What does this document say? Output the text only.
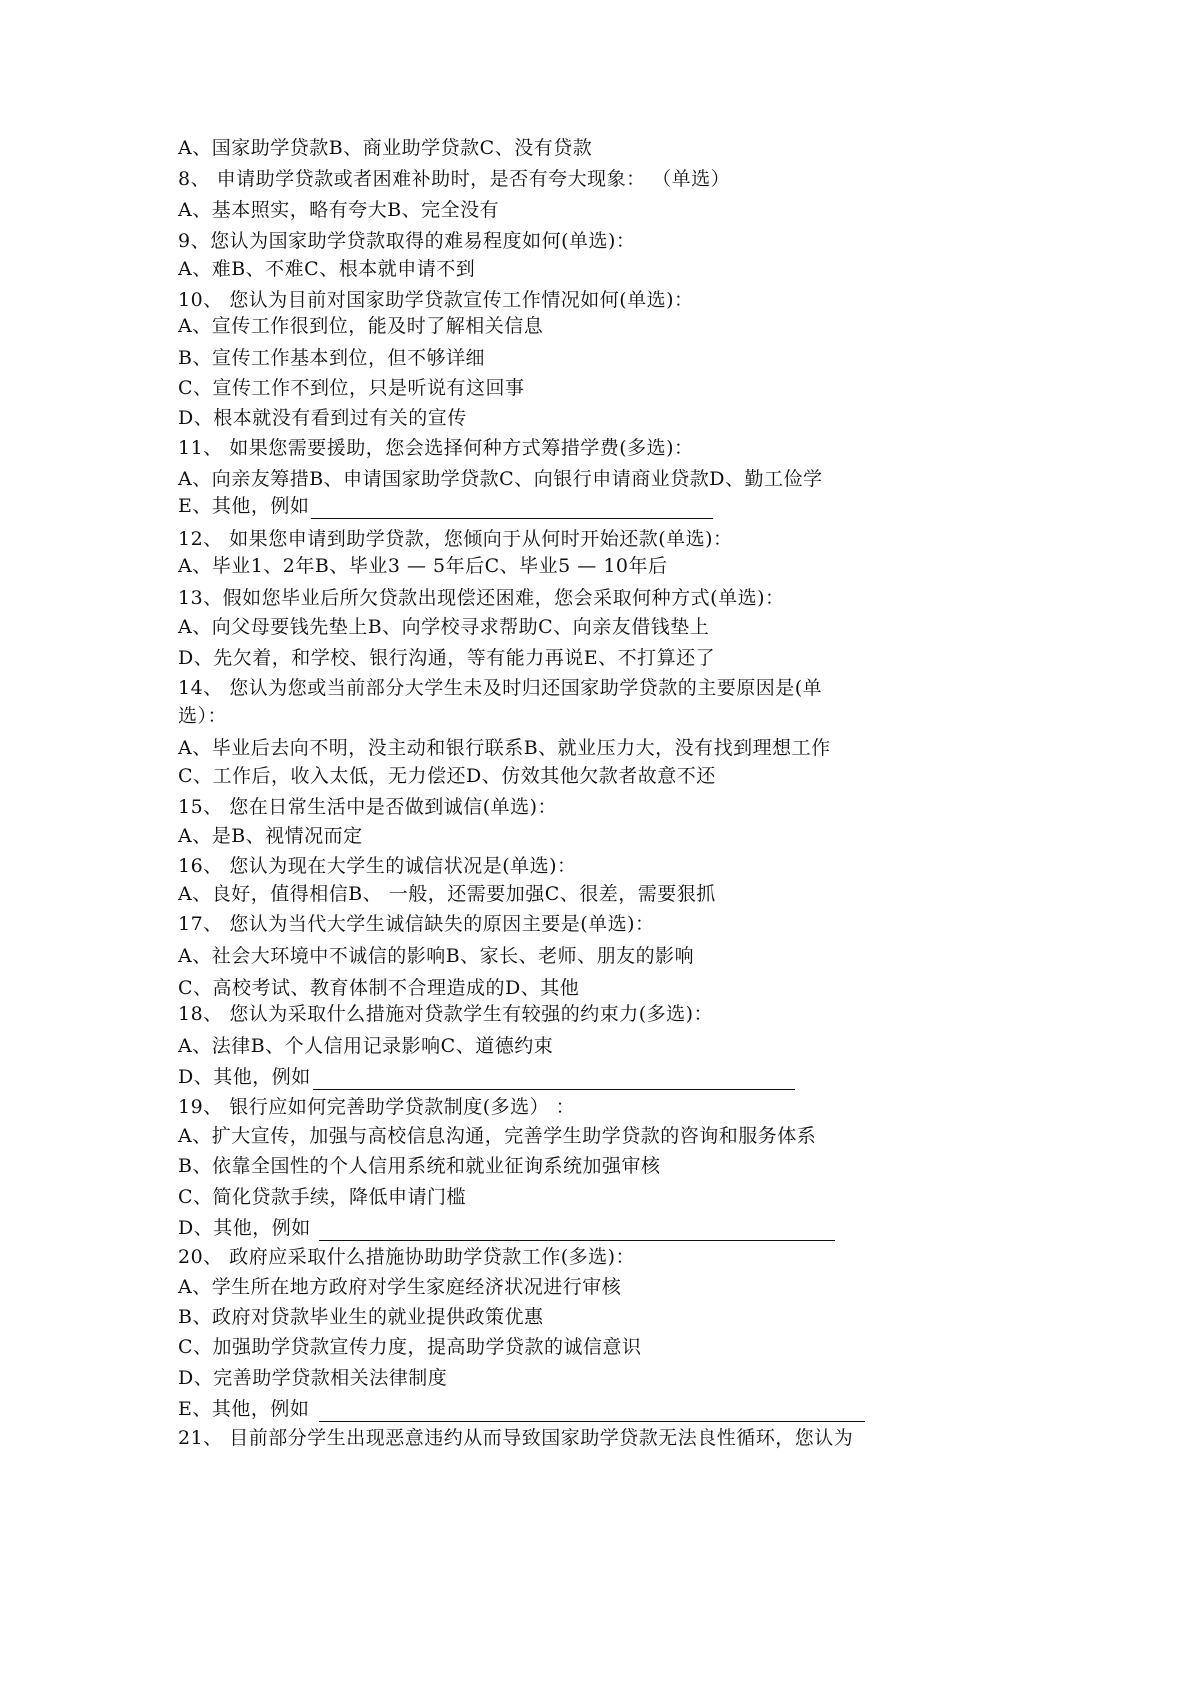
A、国家助学贷款B、商业助学贷款C、没有贷款
8、 申请助学贷款或者困难补助时，是否有夸大现象： （单选）
A、基本照实，略有夸大B、完全没有
9、您认为国家助学贷款取得的难易程度如何(单选)：
A、难B、不难C、根本就申请不到
10、 您认为目前对国家助学贷款宣传工作情况如何(单选)：
A、宣传工作很到位，能及时了解相关信息
B、宣传工作基本到位，但不够详细
C、宣传工作不到位，只是听说有这回事
D、根本就没有看到过有关的宣传
11、 如果您需要援助，您会选择何种方式筹措学费(多选)：
A、向亲友筹措B、申请国家助学贷款C、向银行申请商业贷款D、勤工俭学
E、其他，例如
12、 如果您申请到助学贷款，您倾向于从何时开始还款(单选)：
A、毕业1、2年B、毕业3 — 5年后C、毕业5 — 10年后
13、假如您毕业后所欠贷款出现偿还困难，您会采取何种方式(单选)：
A、向父母要钱先垫上B、向学校寻求帮助C、向亲友借钱垫上
D、先欠着，和学校、银行沟通，等有能力再说E、不打算还了
14、 您认为您或当前部分大学生未及时归还国家助学贷款的主要原因是(单
选）：
A、毕业后去向不明，没主动和银行联系B、就业压力大，没有找到理想工作
C、工作后，收入太低，无力偿还D、仿效其他欠款者故意不还
15、 您在日常生活中是否做到诚信(单选)：
A、是B、视情况而定
16、 您认为现在大学生的诚信状况是(单选)：
A、良好，值得相信B、 一般，还需要加强C、很差，需要狠抓
17、 您认为当代大学生诚信缺失的原因主要是(单选)：
A、社会大环境中不诚信的影响B、家长、老师、朋友的影响
C、高校考试、教育体制不合理造成的D、其他
18、 您认为采取什么措施对贷款学生有较强的约束力(多选)：
A、法律B、个人信用记录影响C、道德约束
D、其他，例如
19、 银行应如何完善助学贷款制度(多选） ：
A、扩大宣传，加强与高校信息沟通，完善学生助学贷款的咨询和服务体系
B、依靠全国性的个人信用系统和就业征询系统加强审核
C、简化贷款手续，降低申请门槛
D、其他，例如
20、 政府应采取什么措施协助助学贷款工作(多选)：
A、学生所在地方政府对学生家庭经济状况进行审核
B、政府对贷款毕业生的就业提供政策优惠
C、加强助学贷款宣传力度，提高助学贷款的诚信意识
D、完善助学贷款相关法律制度
E、其他，例如
21、 目前部分学生出现恶意违约从而导致国家助学贷款无法良性循环，您认为
